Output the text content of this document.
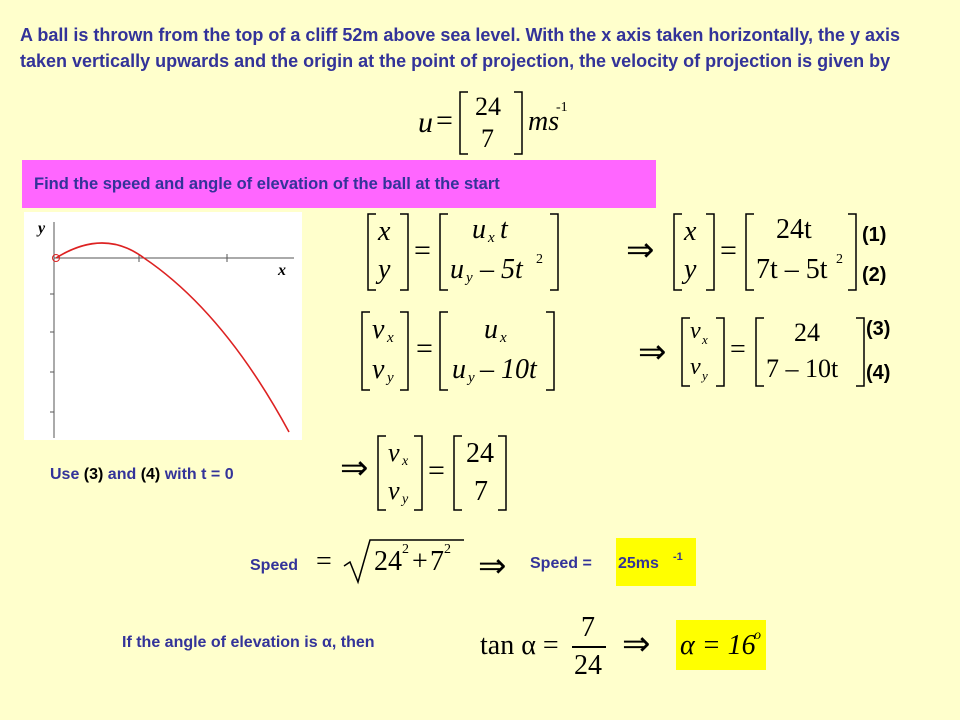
A ball is thrown from the top of a cliff 52m above sea level. With the x axis taken horizontally, the y axis taken vertically upwards and the origin at the point of projection, the velocity of projection is given by
u = 24
7
ms
-1
Find the speed and angle of elevation of the ball at the start
y
x
x
y
=
u x t
u y – 5t 2 ⇒
x
y
=
24t
7t – 5t 2
(1)
(2)
v x
v y
=
u x
u y – 10t	⇒
v x
v y
=
24
7 – 10t
(3)
(4)
Use (3) and (4) with t = 0	⇒ v x
v y
=
24
7
Speed = 24 2 + 7 2 ⇒ Speed = 25ms -1
If the angle of elevation is α, then	tan α =
7
24
⇒ α = 16
o
